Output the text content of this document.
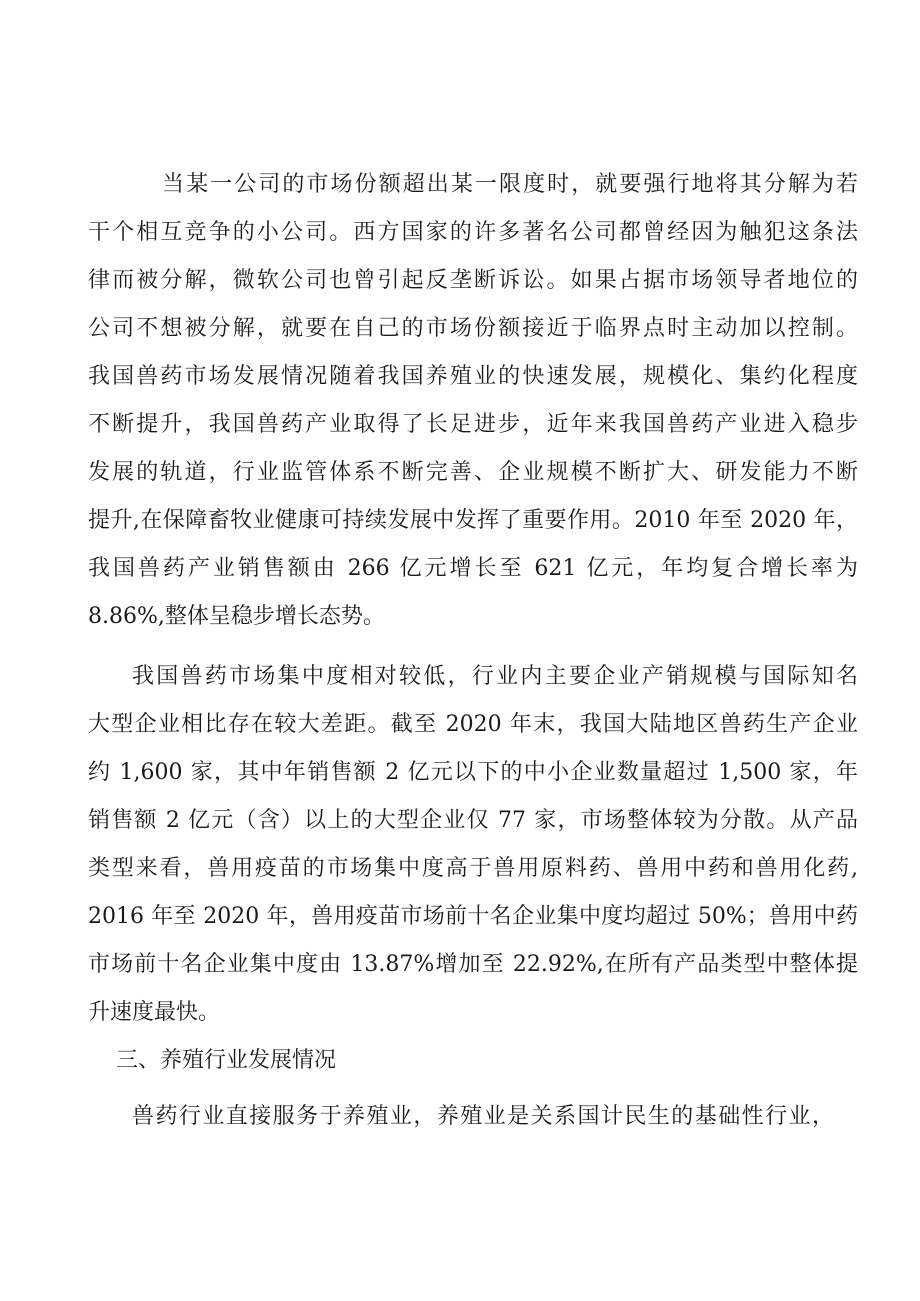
当某一公司的市场份额超出某一限度时，就要强行地将其分解为若
干个相互竞争的小公司。西方国家的许多著名公司都曾经因为触犯这条法
律而被分解，微软公司也曾引起反垄断诉讼。如果占据市场领导者地位的
公司不想被分解，就要在自己的市场份额接近于临界点时主动加以控制。
我国兽药市场发展情况随着我国养殖业的快速发展，规模化、集约化程度
不断提升，我国兽药产业取得了长足进步，近年来我国兽药产业进入稳步
发展的轨道，行业监管体系不断完善、企业规模不断扩大、研发能力不断
提升,在保障畜牧业健康可持续发展中发挥了重要作用。2010 年至 2020 年，
我国兽药产业销售额由 266 亿元增长至 621 亿元，年均复合增长率为
8.86%,整体呈稳步增长态势。
我国兽药市场集中度相对较低，行业内主要企业产销规模与国际知名
大型企业相比存在较大差距。截至 2020 年末，我国大陆地区兽药生产企业
约 1,600 家，其中年销售额 2 亿元以下的中小企业数量超过 1,500 家，年
销售额 2 亿元（含）以上的大型企业仅 77 家，市场整体较为分散。从产品
类型来看，兽用疫苗的市场集中度高于兽用原料药、兽用中药和兽用化药,
2016 年至 2020 年，兽用疫苗市场前十名企业集中度均超过 50%；兽用中药
市场前十名企业集中度由 13.87%增加至 22.92%,在所有产品类型中整体提
升速度最快。
三、养殖行业发展情况
兽药行业直接服务于养殖业，养殖业是关系国计民生的基础性行业，
